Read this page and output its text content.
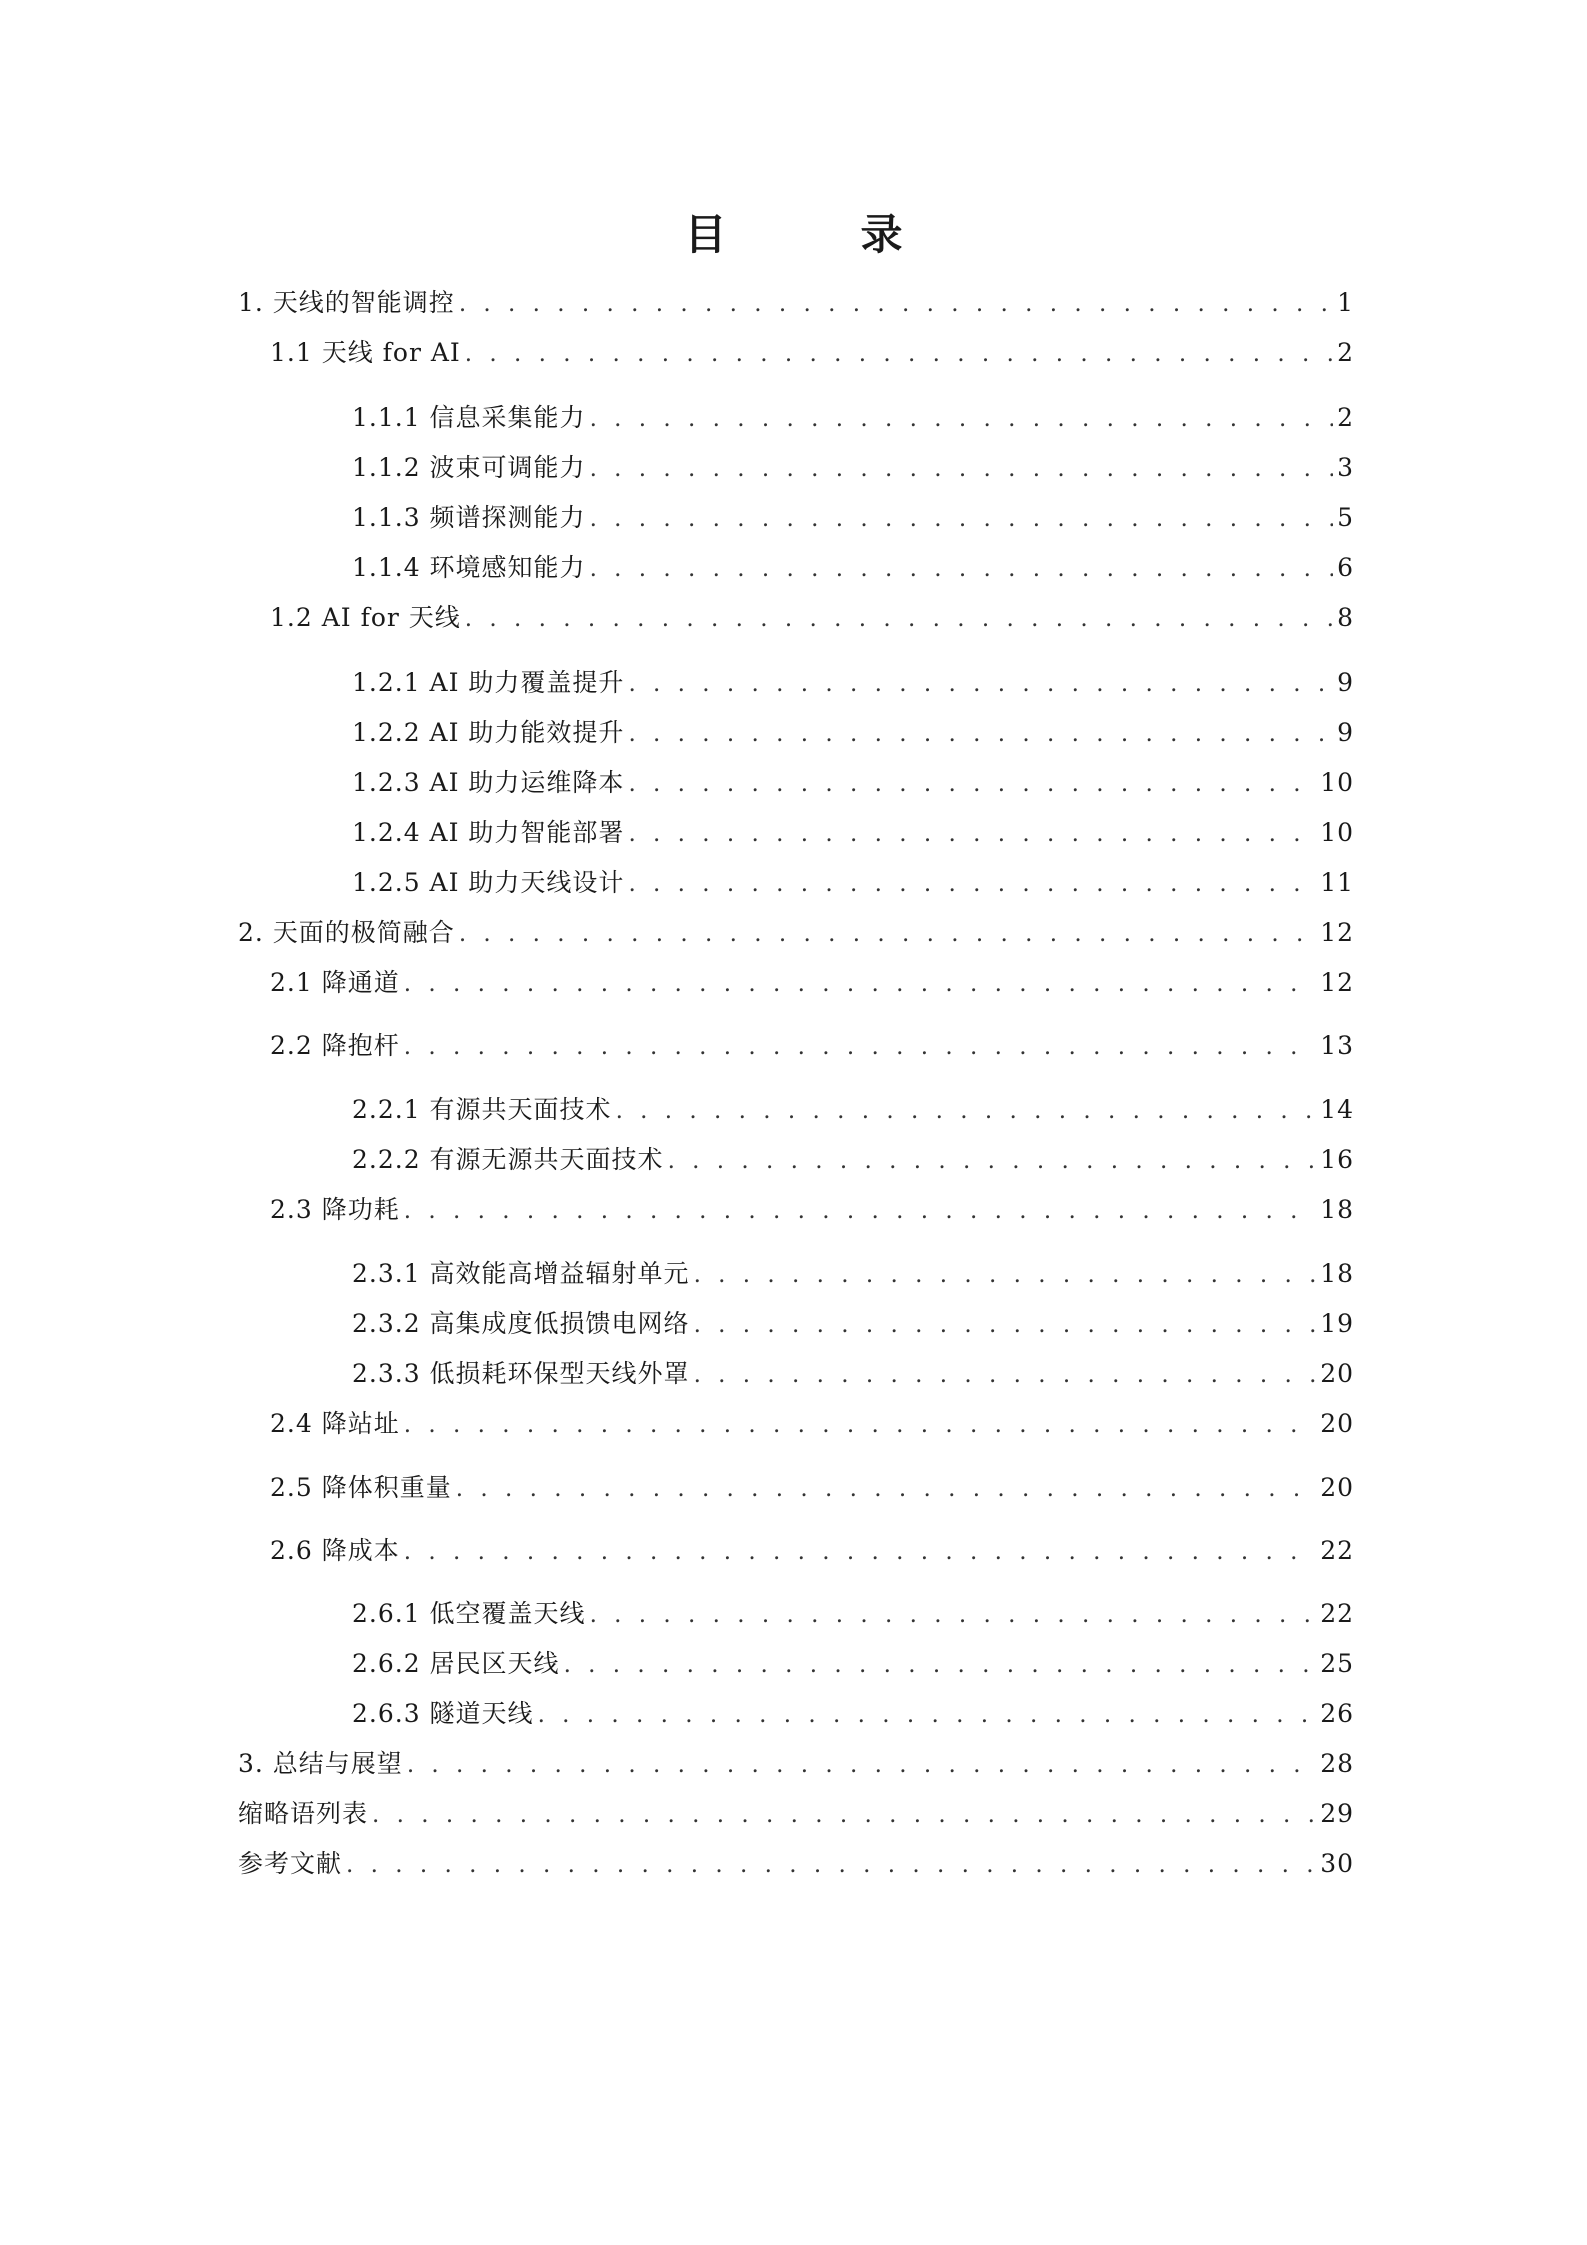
目　录
1. 天线的智能调控 . . .	1
1.1 天线 for AI . . .	2
1.1.1 信息采集能力 . . .	2
1.1.2 波束可调能力 . . .	3
1.1.3 频谱探测能力 . . .	5
1.1.4 环境感知能力 . . .	6
1.2 AI for 天线 . . .	8
1.2.1 AI 助力覆盖提升 . . .	9
1.2.2 AI 助力能效提升 . . .	9
1.2.3 AI 助力运维降本 . . .	10
1.2.4 AI 助力智能部署 . . .	10
1.2.5 AI 助力天线设计 . . .	11
2. 天面的极简融合 . . .	12
2.1 降通道 . . .	12
2.2 降抱杆 . . .	13
2.2.1 有源共天面技术 . . .	14
2.2.2 有源无源共天面技术 . . .	16
2.3 降功耗 . . .	18
2.3.1 高效能高增益辐射单元 . . .	18
2.3.2 高集成度低损馈电网络 . . .	19
2.3.3 低损耗环保型天线外罩 . . .	20
2.4 降站址 . . .	20
2.5 降体积重量 . . .	20
2.6 降成本 . . .	22
2.6.1 低空覆盖天线 . . .	22
2.6.2 居民区天线 . . .	25
2.6.3 隧道天线 . . .	26
3. 总结与展望 . . .	28
缩略语列表 . . .	29
参考文献 . . .	30
